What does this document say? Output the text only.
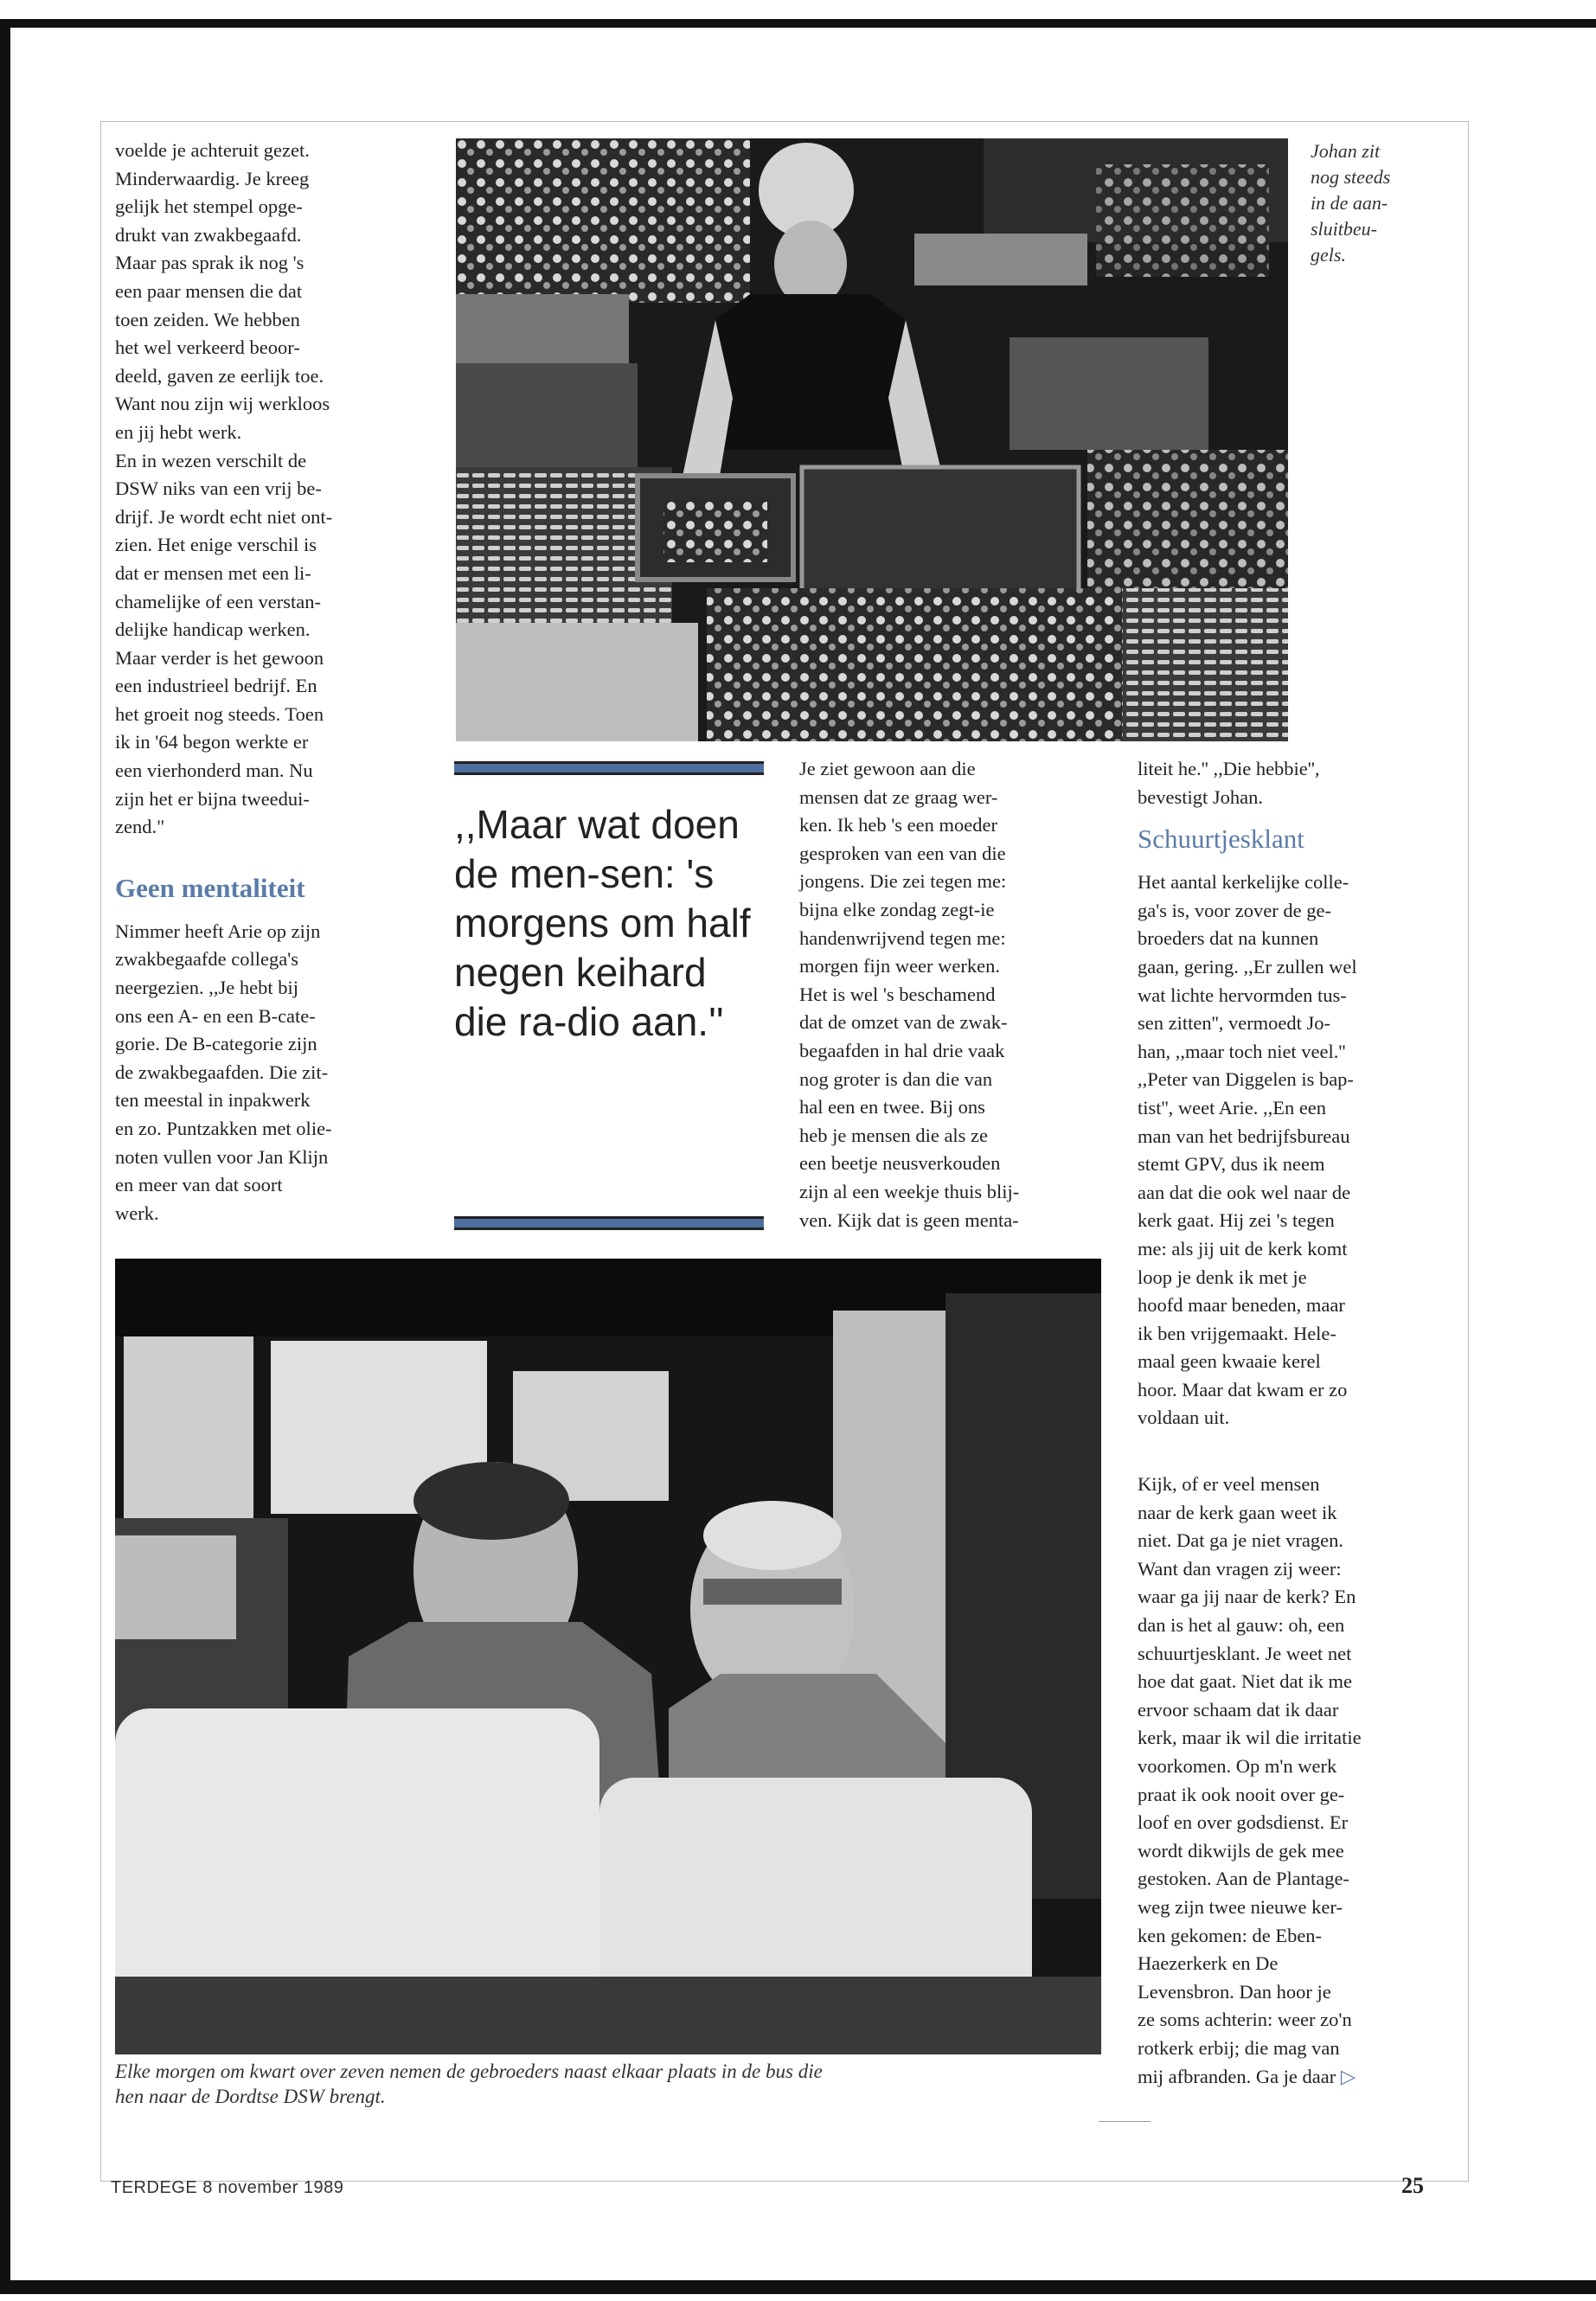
voelde je achteruit gezet.
Minderwaardig. Je kreeg
gelijk het stempel opge-
drukt van zwakbegaafd.
Maar pas sprak ik nog 's
een paar mensen die dat
toen zeiden. We hebben
het wel verkeerd beoor-
deeld, gaven ze eerlijk toe.
Want nou zijn wij werkloos
en jij hebt werk.

En in wezen verschilt de
DSW niks van een vrij be-
drijf. Je wordt echt niet ont-
zien. Het enige verschil is
dat er mensen met een li-
chamelijke of een verstan-
delijke handicap werken.
Maar verder is het gewoon
een industrieel bedrijf. En
het groeit nog steeds. Toen
ik in '64 begon werkte er
een vierhonderd man. Nu
zijn het er bijna tweedui-
zend."

Geen mentaliteit

Nimmer heeft Arie op zijn
zwakbegaafde collega's
neergezien. ,,Je hebt bij
ons een A- en een B-cate-
gorie. De B-categorie zijn
de zwakbegaafden. Die zit-
ten meestal in inpakwerk
en zo. Puntzakken met olie-
noten vullen voor Jan Klijn
en meer van dat soort
werk.

Johan zit
nog steeds
in de aan-
sluitbeu-
gels.
,,Maar wat doen de men-sen: 's morgens om half negen keihard die ra-dio aan.''

Je ziet gewoon aan die
mensen dat ze graag wer-
ken. Ik heb 's een moeder
gesproken van een van die
jongens. Die zei tegen me:
bijna elke zondag zegt-ie
handenwrijvend tegen me:
morgen fijn weer werken.
Het is wel 's beschamend
dat de omzet van de zwak-
begaafden in hal drie vaak
nog groter is dan die van
hal een en twee. Bij ons
heb je mensen die als ze
een beetje neusverkouden
zijn al een weekje thuis blij-
ven. Kijk dat is geen menta-

liteit he.'' ,,Die hebbie'',
bevestigt Johan.

Schuurtjesklant

Het aantal kerkelijke colle-
ga's is, voor zover de ge-
broeders dat na kunnen
gaan, gering. ,,Er zullen wel
wat lichte hervormden tus-
sen zitten'', vermoedt Jo-
han, ,,maar toch niet veel.''
,,Peter van Diggelen is bap-
tist'', weet Arie. ,,En een
man van het bedrijfsbureau
stemt GPV, dus ik neem
aan dat die ook wel naar de
kerk gaat. Hij zei 's tegen
me: als jij uit de kerk komt
loop je denk ik met je
hoofd maar beneden, maar
ik ben vrijgemaakt. Hele-
maal geen kwaaie kerel
hoor. Maar dat kwam er zo
voldaan uit.

Kijk, of er veel mensen
naar de kerk gaan weet ik
niet. Dat ga je niet vragen.
Want dan vragen zij weer:
waar ga jij naar de kerk? En
dan is het al gauw: oh, een
schuurtjesklant. Je weet net
hoe dat gaat. Niet dat ik me
ervoor schaam dat ik daar
kerk, maar ik wil die irritatie
voorkomen. Op m'n werk
praat ik ook nooit over ge-
loof en over godsdienst. Er
wordt dikwijls de gek mee
gestoken. Aan de Plantage-
weg zijn twee nieuwe ker-
ken gekomen: de Eben-
Haezerkerk en De
Levensbron. Dan hoor je
ze soms achterin: weer zo'n
rotkerk erbij; die mag van
mij afbranden. Ga je daar ▷

Elke morgen om kwart over zeven nemen de gebroeders naast elkaar plaats in de bus die
hen naar de Dordtse DSW brengt.
TERDEGE 8 november 1989	25
